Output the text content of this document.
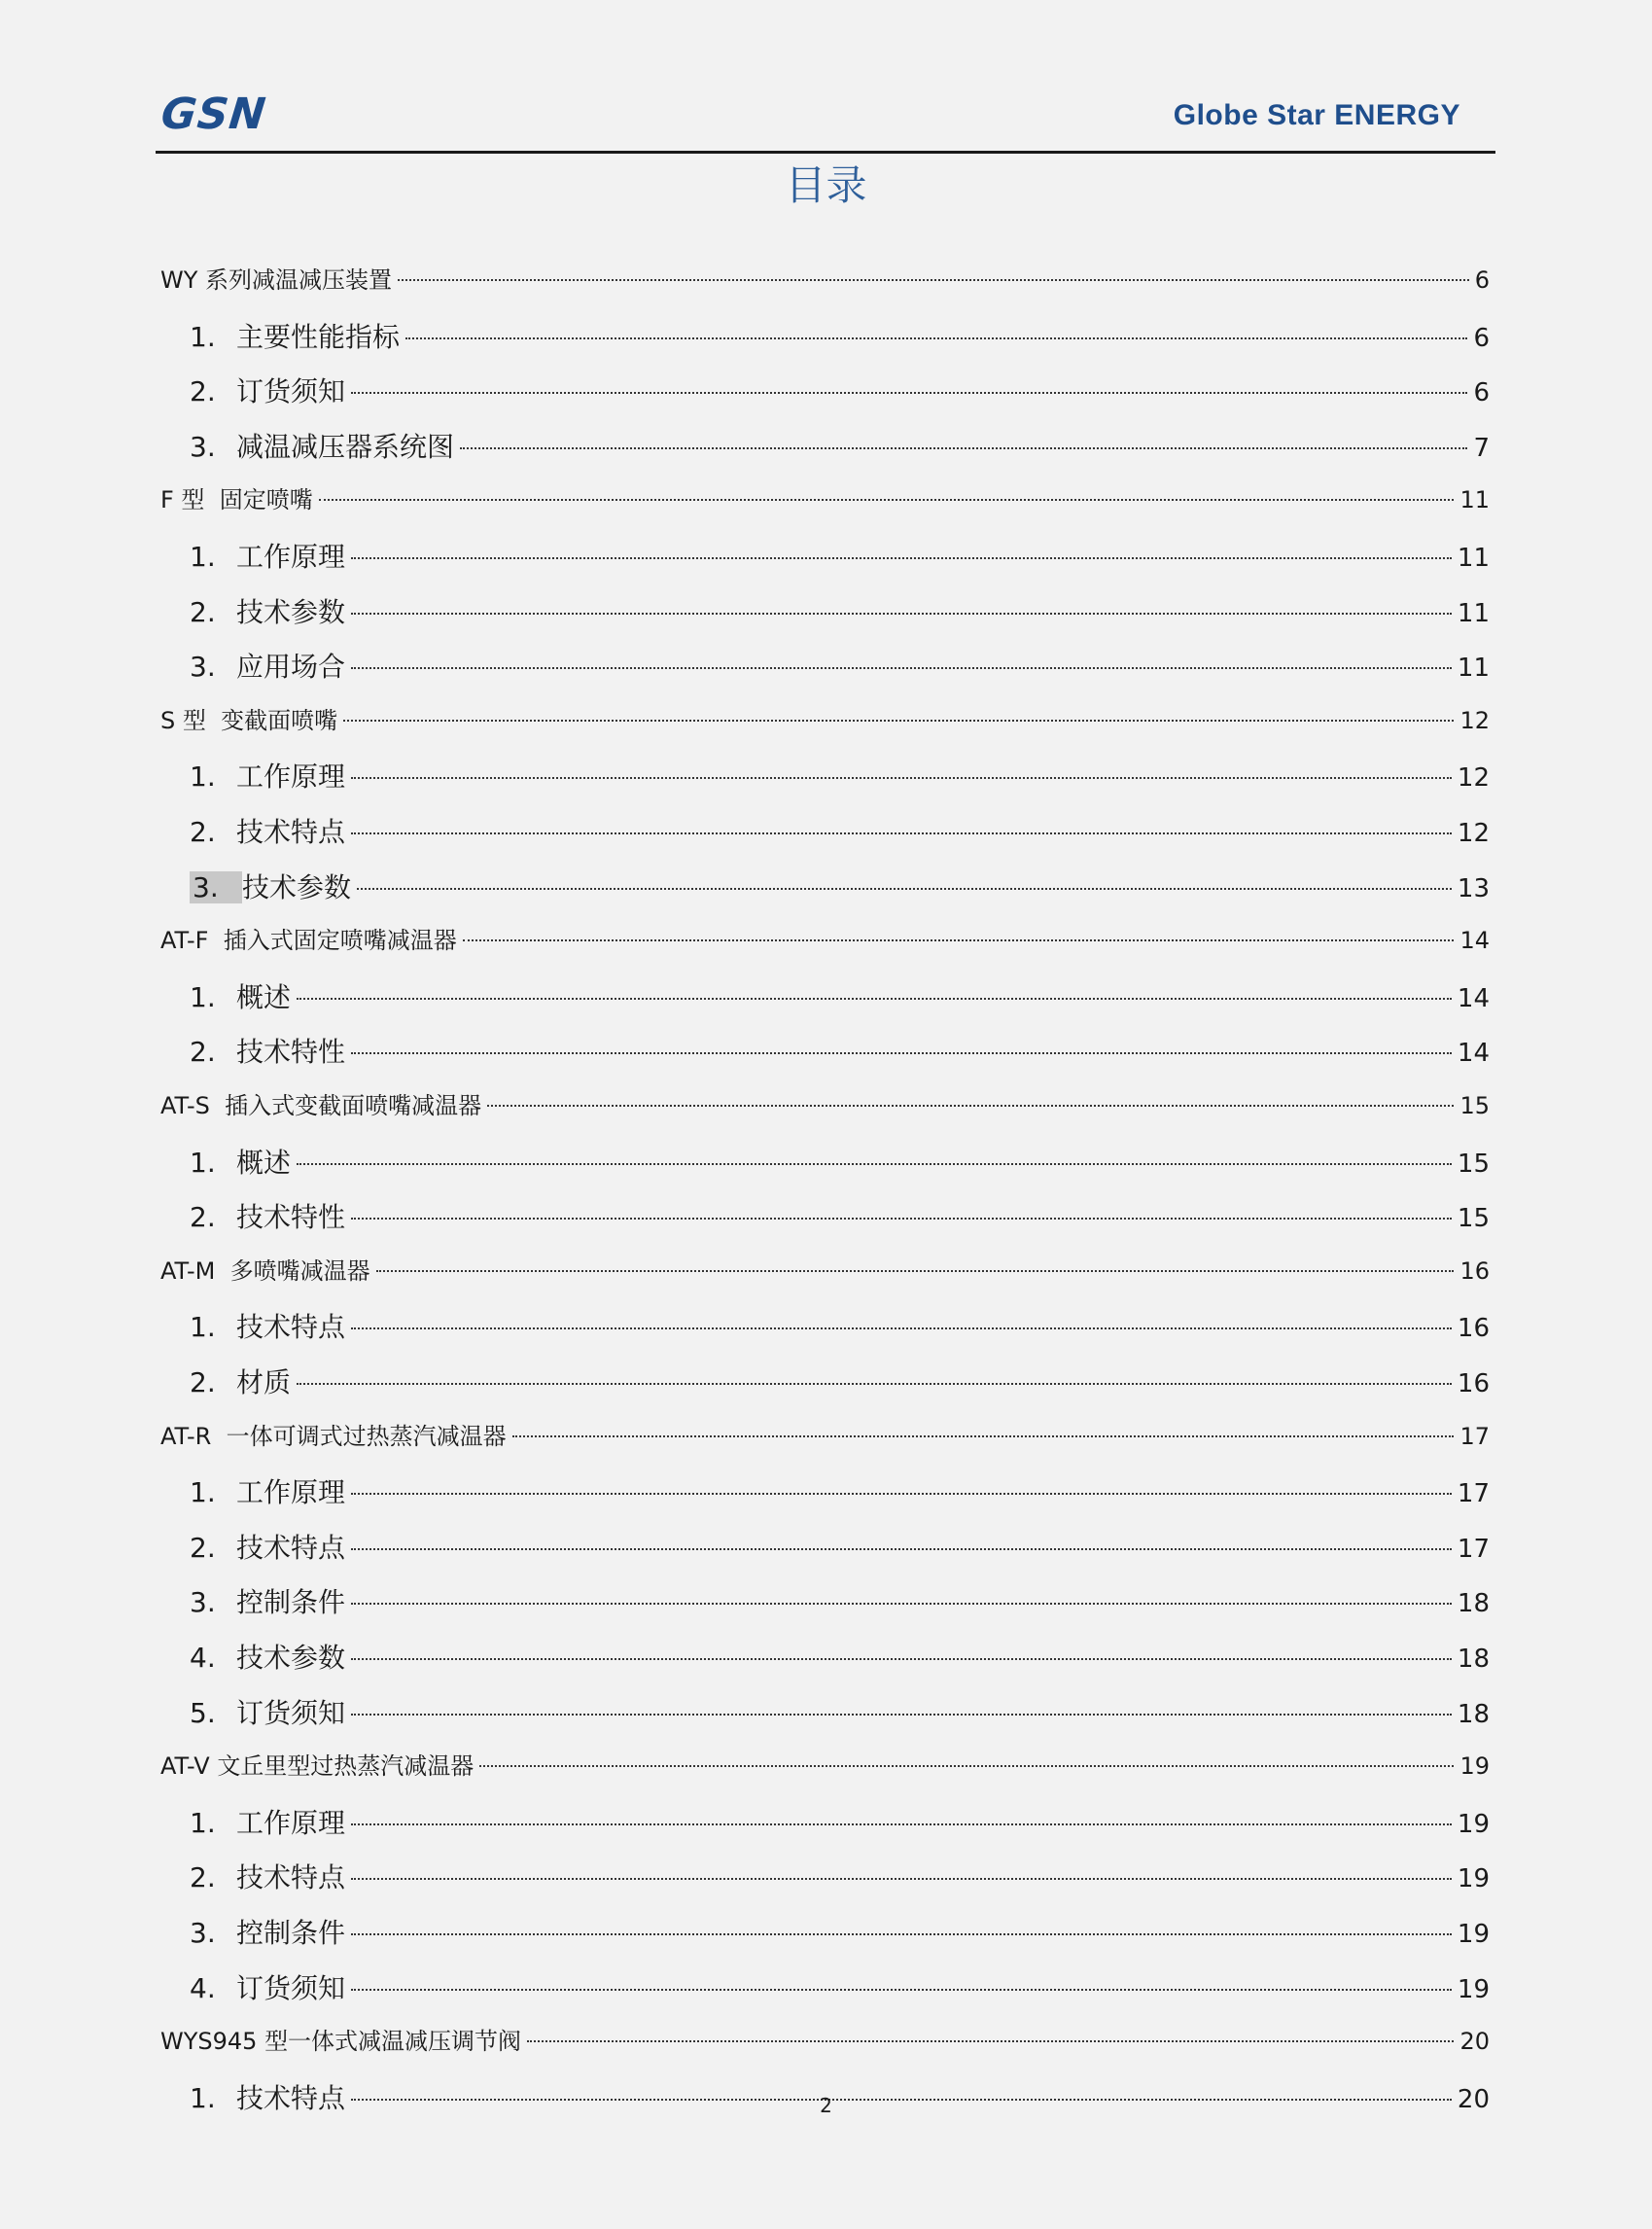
GSN	Globe Star ENERGY
目录
WY 系列减温减压装置	6
1. 主要性能指标	6
2. 订货须知	6
3. 减温减压器系统图	7
F 型  固定喷嘴	11
1. 工作原理	11
2. 技术参数	11
3. 应用场合	11
S 型  变截面喷嘴	12
1. 工作原理	12
2. 技术特点	12
3. 技术参数	13
AT-F  插入式固定喷嘴减温器	14
1. 概述	14
2. 技术特性	14
AT-S  插入式变截面喷嘴减温器	15
1. 概述	15
2. 技术特性	15
AT-M  多喷嘴减温器	16
1. 技术特点	16
2. 材质	16
AT-R  一体可调式过热蒸汽减温器	17
1. 工作原理	17
2. 技术特点	17
3. 控制条件	18
4. 技术参数	18
5. 订货须知	18
AT-V 文丘里型过热蒸汽减温器	19
1. 工作原理	19
2. 技术特点	19
3. 控制条件	19
4. 订货须知	19
WYS945 型一体式减温减压调节阀	20
1. 技术特点	20
2
